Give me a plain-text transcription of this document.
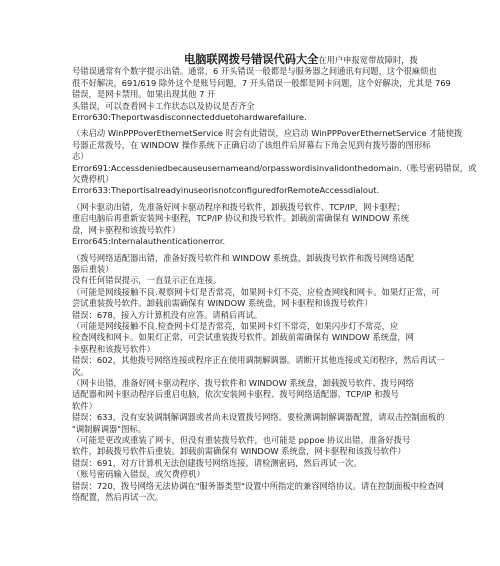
电脑联网拨号错误代码大全在用户申报宽带故障时，拨
号错误通常有个数字提示出错。通常，6 开头错误一般都是与服务器之间通讯有问题，这个很麻烦也
很不好解决，691/619 除外这个是账号问题，7 开头错误一般都是网卡问题，这个好解决，尤其是 769
错误，是网卡禁用。如果出现其他 7 开
头错误，可以查看网卡工作状态以及协议是否齐全
Error630:Theportwasdisconnectedduetohardwarefailure.
（未启动 WinPPPoverEthernetService 时会有此错误，应启动 WinPPPoverEthernetService 才能使拨
号器正常拨号，在 WINDOW 操作系统下正确启动了该组件后屏幕右下角会见到有拨号器的图形标
志）
Error691:Accessdeniedbecauseusernameand/orpasswordisinvalidonthedomain.（账号密码错误，或
欠费停机）
Error633:TheportisalreadyinuseorisnotconfiguredforRemoteAccessdialout.
（网卡驱动出错，先准备好网卡驱动程序和拨号软件，卸载拨号软件、TCP/IP，网卡驱程；
重启电脑后再重新安装网卡驱程，TCP/IP 协议和拨号软件。卸载前需确保有 WINDOW 系统
盘，网卡驱程和该拨号软件）
Error645:Internalauthenticationerror.
（拨号网络适配器出错，准备好拨号软件和 WINDOW 系统盘，卸载拨号软件和拨号网络适配
器后重装）
没有任何错误提示，一直显示正在连接。
（可能是网线接触不良.观察网卡灯是否常亮，如果网卡灯不亮，应检查网线和网卡。如果灯正常，可
尝试重装拨号软件。卸载前需确保有 WINDOW 系统盘，网卡驱程和该拨号软件）
错误：678，接入方计算机没有应答。请稍后再试。
（可能是网线接触不良.检查网卡灯是否常亮，如果网卡灯不常亮，如果闪步灯不常亮，应
检查网线和网卡。如果灯正常，可尝试重装拨号软件。卸载前需确保有 WINDOW 系统盘，网
卡驱程和该拨号软件）
错误：602，其他拨号网络连接或程序正在使用调制解调器。请断开其他连接或关闭程序，然后再试一
次。
（网卡出错，准备好网卡驱动程序、拨号软件和 WINDOW 系统盘，卸载拨号软件、拨号网络
适配器和网卡驱动程序后重启电脑，依次安装网卡驱程、拨号网络适配器、TCP/IP 和拨号
软件）
错误：633，没有安装调制解调器或者尚未设置拨号网络。要检测调制解调器配置，请双击控制面板的
"调制解调器"图标。
（可能是更改或重装了网卡，但没有重装拨号软件，也可能是 pppoe 协议出错，准备好拨号
软件，卸载拨号软件后重装。卸载前需确保有 WINDOW 系统盘，网卡驱程和该拨号软件）
错误：691，对方计算机无法创建拨号网络连接。请检测密码，然后再试一次。
（账号密码输入错误，或欠费停机）
错误：720，拨号网络无法协调在"服务器类型"设置中所指定的兼容网络协议。请在控制面板中检查网
络配置，然后再试一次。
